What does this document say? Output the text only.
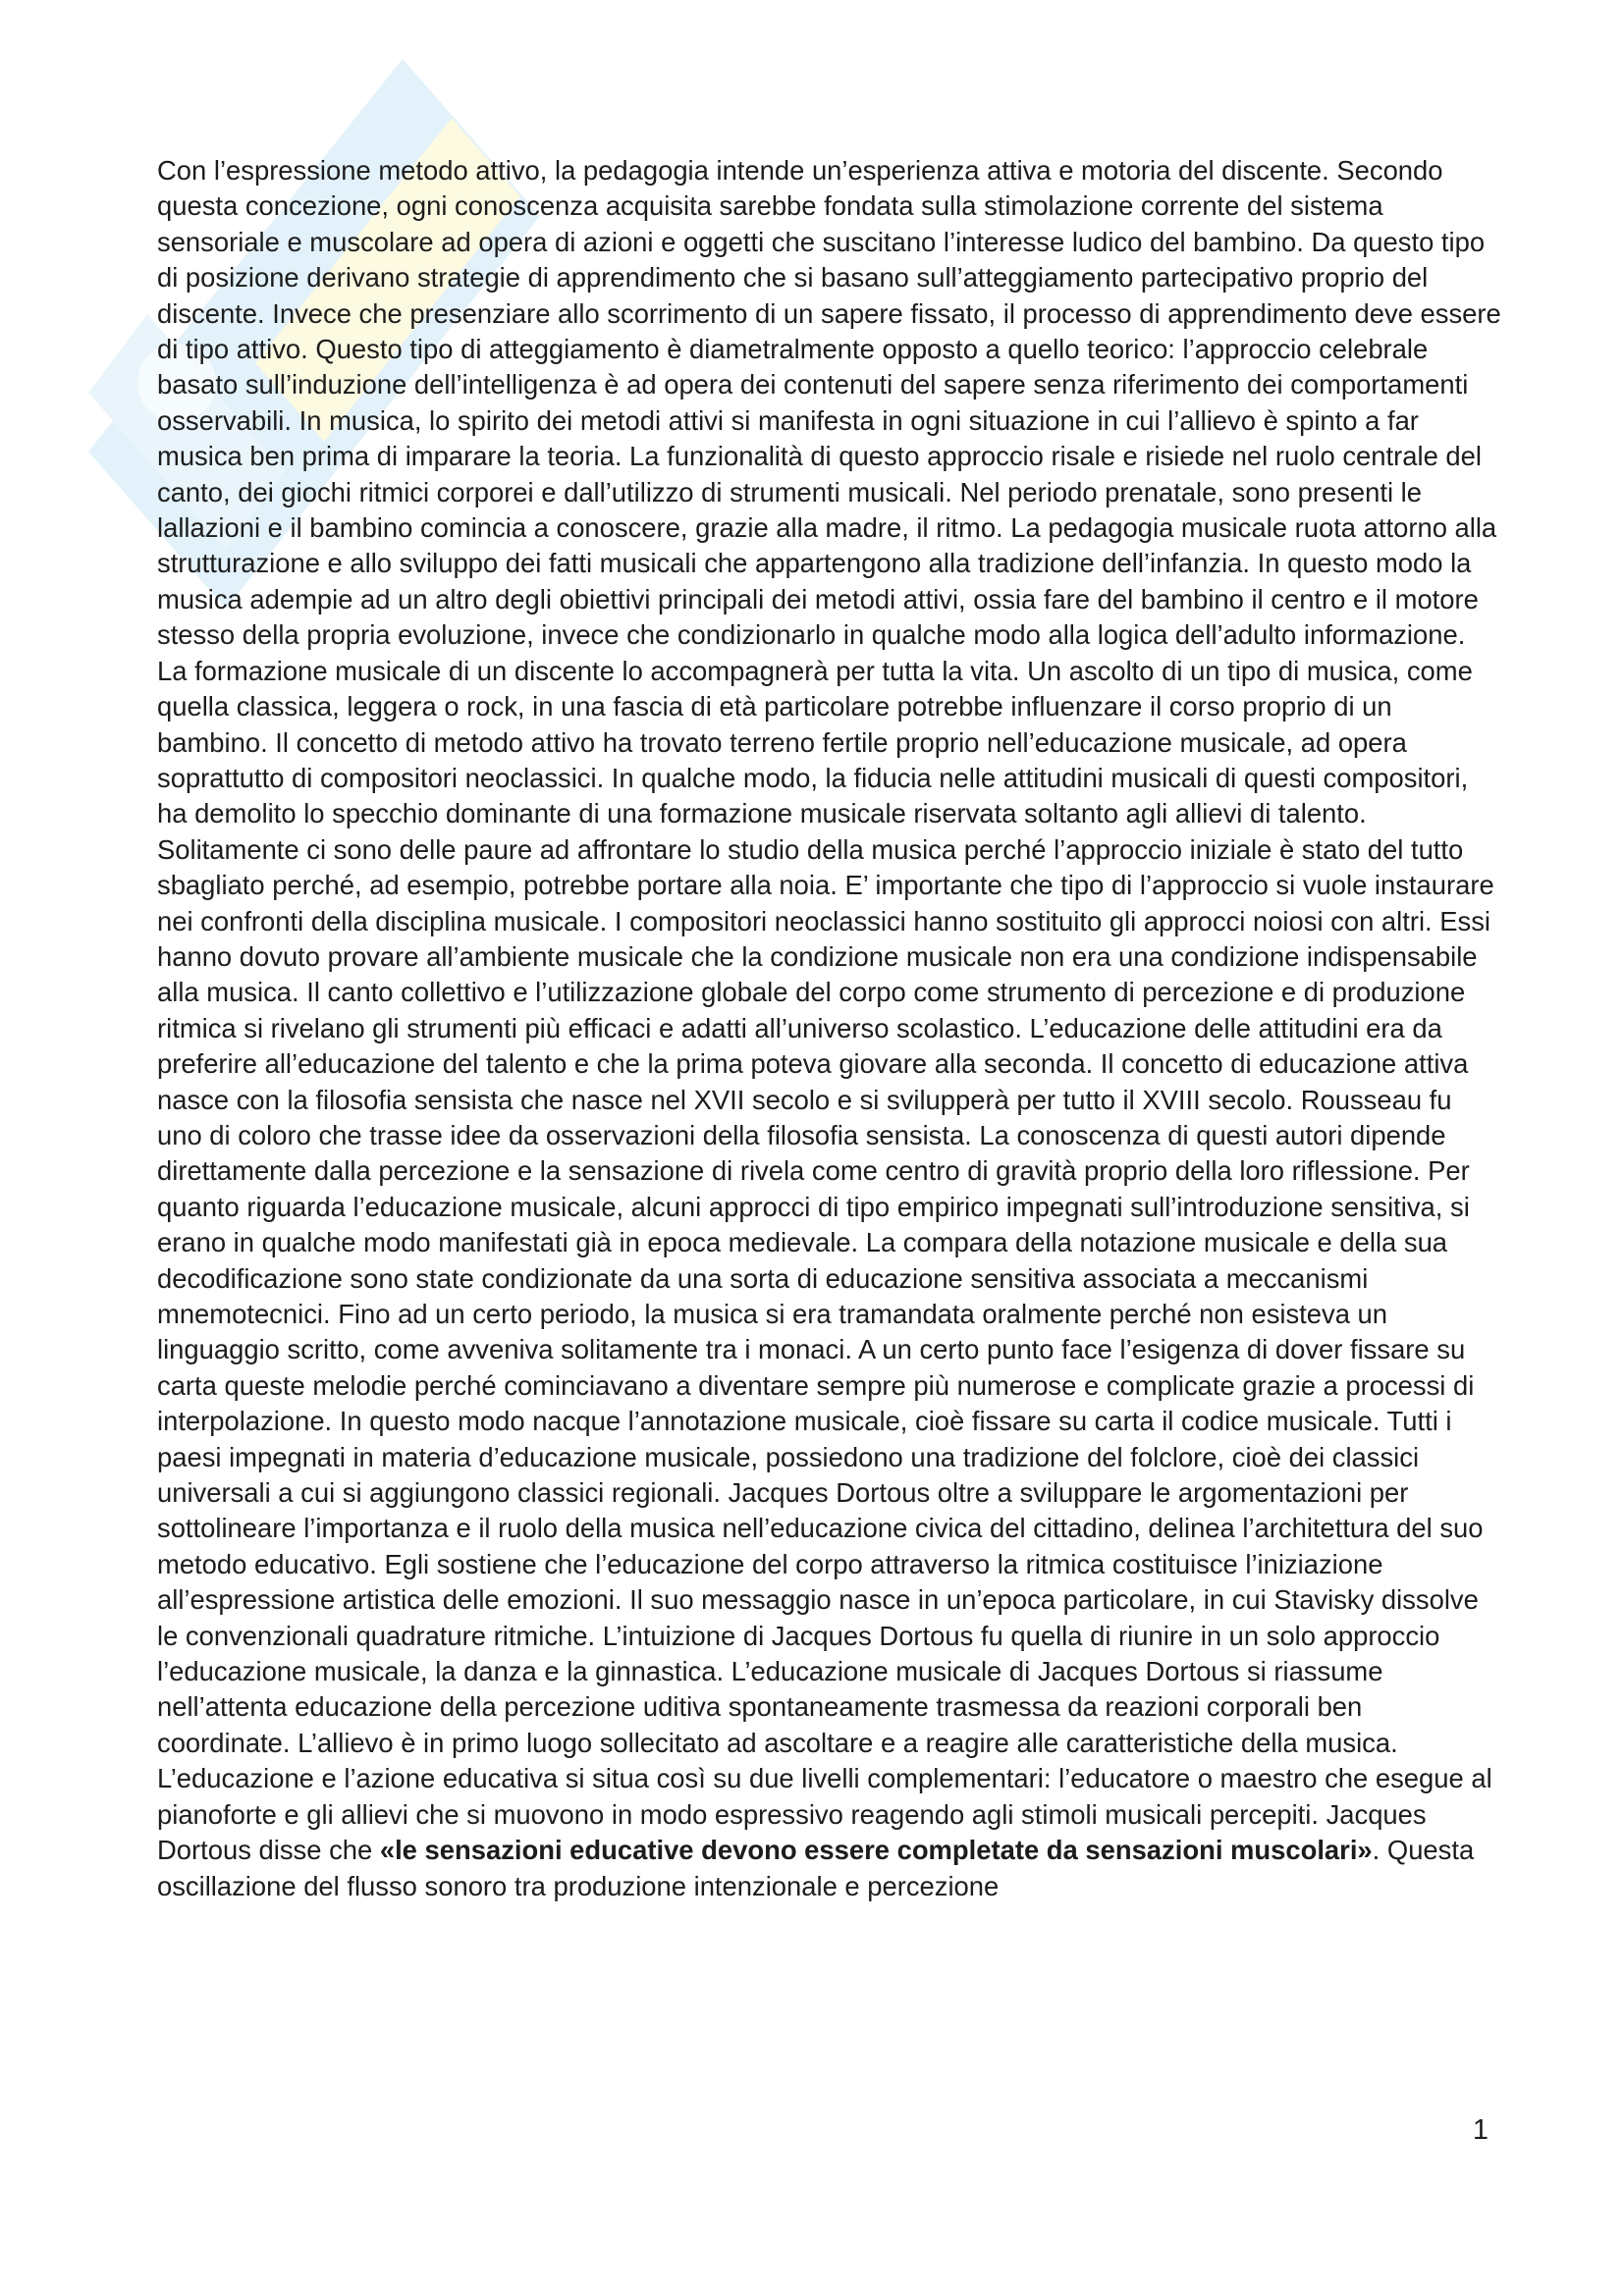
Con l’espressione metodo attivo, la pedagogia intende un’esperienza attiva e motoria del discente. Secondo questa concezione, ogni conoscenza acquisita sarebbe fondata sulla stimolazione corrente del sistema sensoriale e muscolare ad opera di azioni e oggetti che suscitano l’interesse ludico del bambino. Da questo tipo di posizione derivano strategie di apprendimento che si basano sull’atteggiamento partecipativo proprio del discente. Invece che presenziare allo scorrimento di un sapere fissato, il processo di apprendimento deve essere di tipo attivo. Questo tipo di atteggiamento è diametralmente opposto a quello teorico: l’approccio celebrale basato sull’induzione dell’intelligenza è ad opera dei contenuti del sapere senza riferimento dei comportamenti osservabili. In musica, lo spirito dei metodi attivi si manifesta in ogni situazione in cui l’allievo è spinto a far musica ben prima di imparare la teoria. La funzionalità di questo approccio risale e risiede nel ruolo centrale del canto, dei giochi ritmici corporei e dall’utilizzo di strumenti musicali. Nel periodo prenatale, sono presenti le lallazioni e il bambino comincia a conoscere, grazie alla madre, il ritmo. La pedagogia musicale ruota attorno alla strutturazione e allo sviluppo dei fatti musicali che appartengono alla tradizione dell’infanzia. In questo modo la musica adempie ad un altro degli obiettivi principali dei metodi attivi, ossia fare del bambino il centro e il motore stesso della propria evoluzione, invece che condizionarlo in qualche modo alla logica dell’adulto informazione. La formazione musicale di un discente lo accompagnerà per tutta la vita. Un ascolto di un tipo di musica, come quella classica, leggera o rock, in una fascia di età particolare potrebbe influenzare il corso proprio di un bambino. Il concetto di metodo attivo ha trovato terreno fertile proprio nell’educazione musicale, ad opera soprattutto di compositori neoclassici. In qualche modo, la fiducia nelle attitudini musicali di questi compositori, ha demolito lo specchio dominante di una formazione musicale riservata soltanto agli allievi di talento. Solitamente ci sono delle paure ad affrontare lo studio della musica perché l’approccio iniziale è stato del tutto sbagliato perché, ad esempio, potrebbe portare alla noia. E’ importante che tipo di l’approccio si vuole instaurare nei confronti della disciplina musicale. I compositori neoclassici hanno sostituito gli approcci noiosi con altri. Essi hanno dovuto provare all’ambiente musicale che la condizione musicale non era una condizione indispensabile alla musica. Il canto collettivo e l’utilizzazione globale del corpo come strumento di percezione e di produzione ritmica si rivelano gli strumenti più efficaci e adatti all’universo scolastico. L’educazione delle attitudini era da preferire all’educazione del talento e che la prima poteva giovare alla seconda. Il concetto di educazione attiva nasce con la filosofia sensista che nasce nel XVII secolo e si svilupperà per tutto il XVIII secolo. Rousseau fu uno di coloro che trasse idee da osservazioni della filosofia sensista. La conoscenza di questi autori dipende direttamente dalla percezione e la sensazione di rivela come centro di gravità proprio della loro riflessione. Per quanto riguarda l’educazione musicale, alcuni approcci di tipo empirico impegnati sull’introduzione sensitiva, si erano in qualche modo manifestati già in epoca medievale. La compara della notazione musicale e della sua decodificazione sono state condizionate da una sorta di educazione sensitiva associata a meccanismi mnemotecnici. Fino ad un certo periodo, la musica si era tramandata oralmente perché non esisteva un linguaggio scritto, come avveniva solitamente tra i monaci. A un certo punto face l’esigenza di dover fissare su carta queste melodie perché cominciavano a diventare sempre più numerose e complicate grazie a processi di interpolazione. In questo modo nacque l’annotazione musicale, cioè fissare su carta il codice musicale. Tutti i paesi impegnati in materia d’educazione musicale, possiedono una tradizione del folclore, cioè dei classici universali a cui si aggiungono classici regionali. Jacques Dortous oltre a sviluppare le argomentazioni per sottolineare l’importanza e il ruolo della musica nell’educazione civica del cittadino, delinea l’architettura del suo metodo educativo. Egli sostiene che l’educazione del corpo attraverso la ritmica costituisce l’iniziazione all’espressione artistica delle emozioni. Il suo messaggio nasce in un’epoca particolare, in cui Stavisky dissolve le convenzionali quadrature ritmiche. L’intuizione di Jacques Dortous fu quella di riunire in un solo approccio l’educazione musicale, la danza e la ginnastica. L’educazione musicale di Jacques Dortous si riassume nell’attenta educazione della percezione uditiva spontaneamente trasmessa da reazioni corporali ben coordinate. L’allievo è in primo luogo sollecitato ad ascoltare e a reagire alle caratteristiche della musica. L’educazione e l’azione educativa si situa così su due livelli complementari: l’educatore o maestro che esegue al pianoforte e gli allievi che si muovono in modo espressivo reagendo agli stimoli musicali percepiti. Jacques Dortous disse che «le sensazioni educative devono essere completate da sensazioni muscolari». Questa oscillazione del flusso sonoro tra produzione intenzionale e percezione

1
